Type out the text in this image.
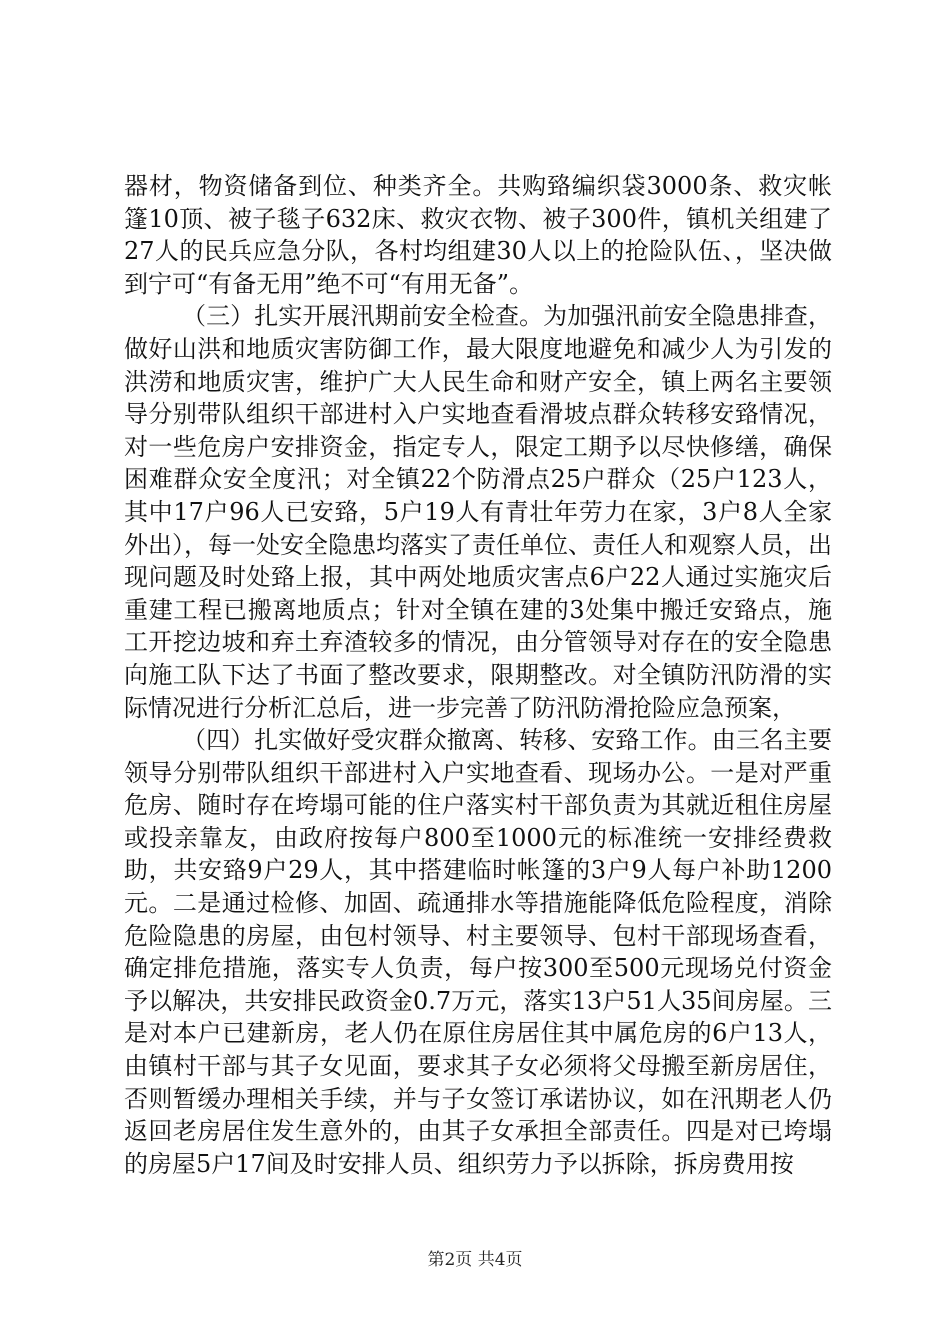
器材，物资储备到位、种类齐全。共购臵编织袋3000条、救灾帐篷10顶、被子毯子632床、救灾衣物、被子300件，镇机关组建了27人的民兵应急分队，各村均组建30人以上的抢险队伍、，坚决做到宁可“有备无用”绝不可“有用无备”。

（三）扎实开展汛期前安全检查。为加强汛前安全隐患排查，做好山洪和地质灾害防御工作，最大限度地避免和减少人为引发的洪涝和地质灾害，维护广大人民生命和财产安全，镇上两名主要领导分别带队组织干部进村入户实地查看滑坡点群众转移安臵情况，对一些危房户安排资金，指定专人，限定工期予以尽快修缮，确保困难群众安全度汛；对全镇22个防滑点25户群众（25户123人，其中17户96人已安臵，5户19人有青壮年劳力在家，3户8人全家外出），每一处安全隐患均落实了责任单位、责任人和观察人员，出现问题及时处臵上报，其中两处地质灾害点6户22人通过实施灾后重建工程已搬离地质点；针对全镇在建的3处集中搬迁安臵点，施工开挖边坡和弃土弃渣较多的情况，由分管领导对存在的安全隐患向施工队下达了书面了整改要求，限期整改。对全镇防汛防滑的实际情况进行分析汇总后，进一步完善了防汛防滑抢险应急预案，

（四）扎实做好受灾群众撤离、转移、安臵工作。由三名主要领导分别带队组织干部进村入户实地查看、现场办公。一是对严重危房、随时存在垮塌可能的住户落实村干部负责为其就近租住房屋或投亲靠友，由政府按每户800至1000元的标准统一安排经费救助，共安臵9户29人，其中搭建临时帐篷的3户9人每户补助1200元。二是通过检修、加固、疏通排水等措施能降低危险程度，消除危险隐患的房屋，由包村领导、村主要领导、包村干部现场查看，确定排危措施，落实专人负责，每户按300至500元现场兑付资金予以解决，共安排民政资金0.7万元，落实13户51人35间房屋。三是对本户已建新房，老人仍在原住房居住其中属危房的6户13人，由镇村干部与其子女见面，要求其子女必须将父母搬至新房居住，否则暂缓办理相关手续，并与子女签订承诺协议，如在汛期老人仍返回老房居住发生意外的，由其子女承担全部责任。四是对已垮塌的房屋5户17间及时安排人员、组织劳力予以拆除，拆房费用按

第2页 共4页
